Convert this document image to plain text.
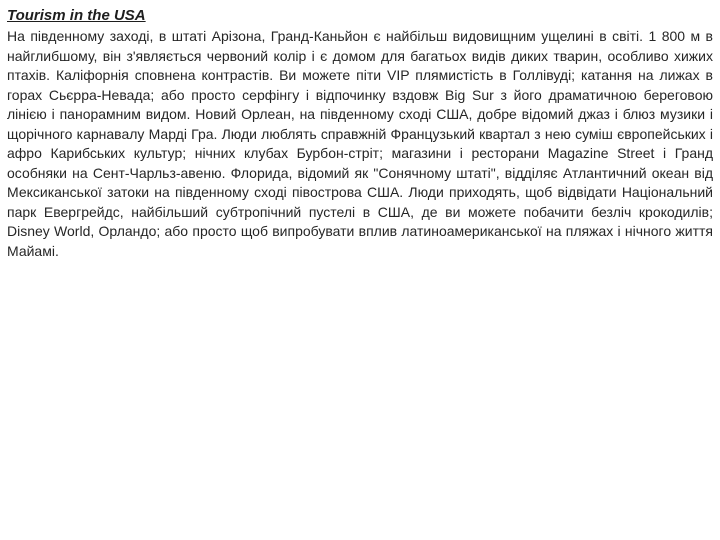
Tourism in the USA

На південному заході, в штаті Арізона, Гранд-Каньйон є найбільш видовищним ущелині в світі. 1 800 м в найглибшому, він з'являється червоний колір і є домом для багатьох видів диких тварин, особливо хижих птахів. Каліфорнія сповнена контрастів. Ви можете піти VIP плямистість в Голлівуді; катання на лижах в горах Сьєрра-Невада; або просто серфінгу і відпочинку вздовж Big Sur з його драматичною береговою лінією і панорамним видом. Новий Орлеан, на південному сході США, добре відомий джаз і блюз музики і щорічного карнавалу Марді Гра. Люди люблять справжній Французький квартал з нею суміш європейських і афро Карибських культур; нічних клубах Бурбон-стріт; магазини і ресторани Magazine Street і Гранд особняки на Сент-Чарльз-авеню. Флорида, відомий як "Сонячному штаті", відділяє Атлантичний океан від Мексиканської затоки на південному сході півострова США. Люди приходять, щоб відвідати Національний парк Евергрейдс, найбільший субтропічний пустелі в США, де ви можете побачити безліч крокодилів; Disney World, Орландо; або просто щоб випробувати вплив латиноамериканської на пляжах і нічного життя Майамі.
